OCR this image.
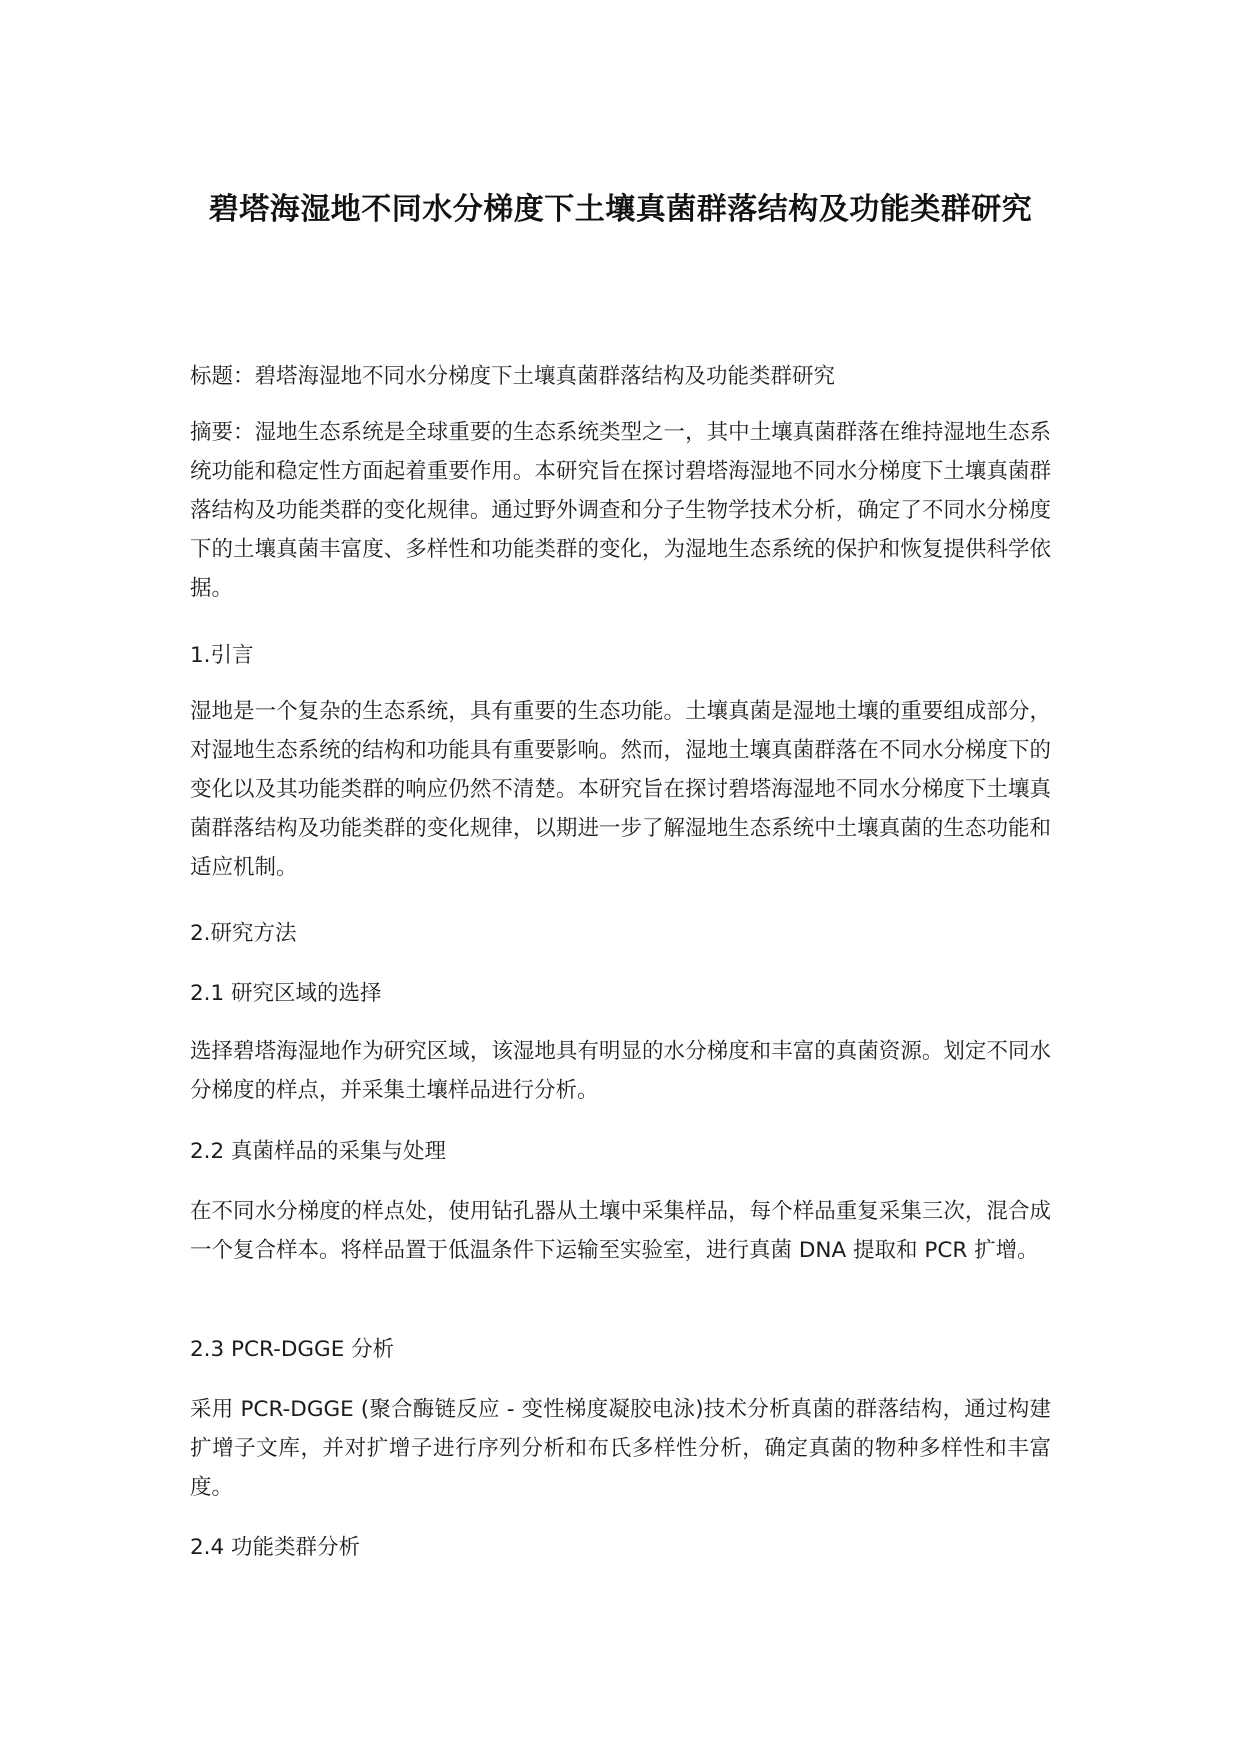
碧塔海湿地不同水分梯度下土壤真菌群落结构及功能类群研究

标题：碧塔海湿地不同水分梯度下土壤真菌群落结构及功能类群研究

摘要：湿地生态系统是全球重要的生态系统类型之一，其中土壤真菌群落在维持湿地生态系统功能和稳定性方面起着重要作用。本研究旨在探讨碧塔海湿地不同水分梯度下土壤真菌群落结构及功能类群的变化规律。通过野外调查和分子生物学技术分析，确定了不同水分梯度下的土壤真菌丰富度、多样性和功能类群的变化，为湿地生态系统的保护和恢复提供科学依据。

1.引言

湿地是一个复杂的生态系统，具有重要的生态功能。土壤真菌是湿地土壤的重要组成部分，对湿地生态系统的结构和功能具有重要影响。然而，湿地土壤真菌群落在不同水分梯度下的变化以及其功能类群的响应仍然不清楚。本研究旨在探讨碧塔海湿地不同水分梯度下土壤真菌群落结构及功能类群的变化规律，以期进一步了解湿地生态系统中土壤真菌的生态功能和适应机制。

2.研究方法

2.1 研究区域的选择

选择碧塔海湿地作为研究区域，该湿地具有明显的水分梯度和丰富的真菌资源。划定不同水分梯度的样点，并采集土壤样品进行分析。

2.2 真菌样品的采集与处理

在不同水分梯度的样点处，使用钻孔器从土壤中采集样品，每个样品重复采集三次，混合成一个复合样本。将样品置于低温条件下运输至实验室，进行真菌 DNA 提取和 PCR 扩增。

2.3 PCR-DGGE 分析

采用 PCR-DGGE (聚合酶链反应 - 变性梯度凝胶电泳)技术分析真菌的群落结构，通过构建扩增子文库，并对扩增子进行序列分析和布氏多样性分析，确定真菌的物种多样性和丰富度。

2.4 功能类群分析
